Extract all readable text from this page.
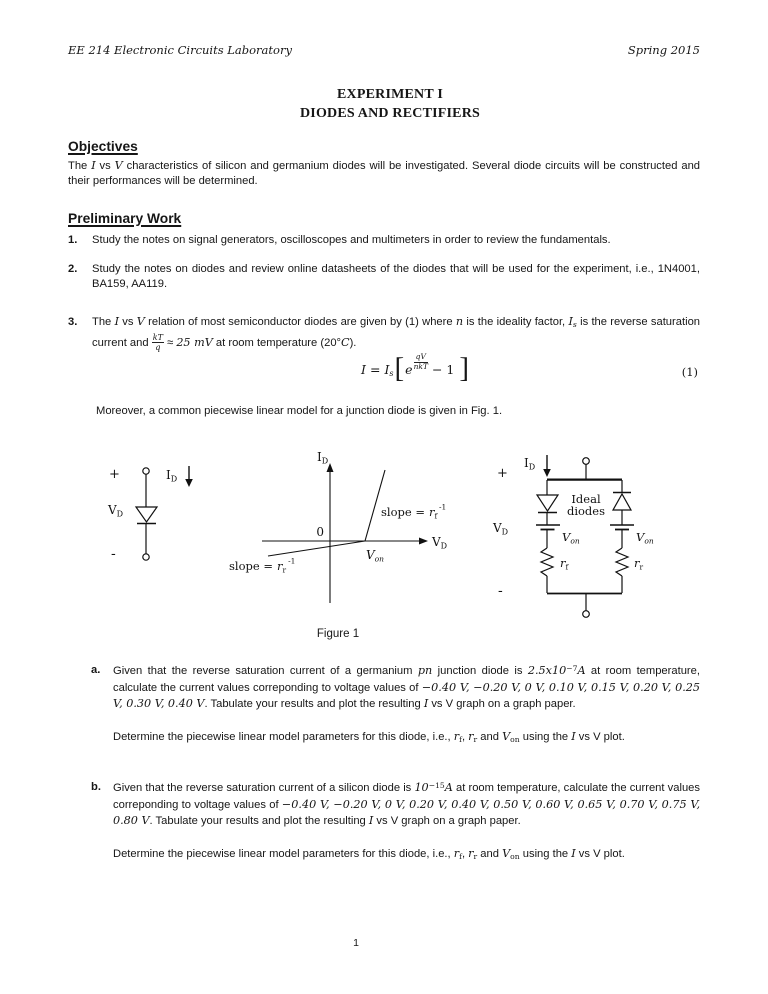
EE 214 Electronic Circuits Laboratory	Spring 2015
EXPERIMENT I
DIODES AND RECTIFIERS
Objectives
The I vs V characteristics of silicon and germanium diodes will be investigated. Several diode circuits will be constructed and their performances will be determined.
Preliminary Work
1.	Study the notes on signal generators, oscilloscopes and multimeters in order to review the fundamentals.
2.	Study the notes on diodes and review online datasheets of the diodes that will be used for the experiment, i.e., 1N4001, BA159, AA119.
3.	The I vs V relation of most semiconductor diodes are given by (1) where n is the ideality factor, Is is the reverse saturation current and $\frac{kT}{q} \approx 25$ mV at room temperature (20°C).
I = I s [ e
qV
nkT − 1 ]	(1)
Moreover, a common piecewise linear model for a junction diode is given in Fig. 1.
+
$V_D$
-
$I_D$
$I_D$
$V_D$
0
$V_{on}$
slope = $r_f^{-1}$
slope = $r_r^{-1}$
$I_D$
+
$V_D$
-
Ideal
diodes
$V_{on}$	$V_{on}$
$r_f$	$r_r$
Figure 1
a. Given that the reverse saturation current of a germanium pn junction diode is $2.5x10^{-7}A$ at room temperature, calculate the current values correponding to voltage values of −0.40 V, −0.20 V, 0 V, 0.10 V, 0.15 V, 0.20 V, 0.25 V, 0.30 V, 0.40 V. Tabulate your results and plot the resulting I vs V graph on a graph paper.
Determine the piecewise linear model parameters for this diode, i.e., rf, rr and Von using the I vs V plot.
b. Given that the reverse saturation current of a silicon diode is $10^{-15}A$ at room temperature, calculate the current values correponding to voltage values of −0.40 V, −0.20 V, 0 V, 0.20 V, 0.40 V, 0.50 V, 0.60 V, 0.65 V, 0.70 V, 0.75 V, 0.80 V. Tabulate your results and plot the resulting I vs V graph on a graph paper.
Determine the piecewise linear model parameters for this diode, i.e., rf, rr and Von using the I vs V plot.
1
